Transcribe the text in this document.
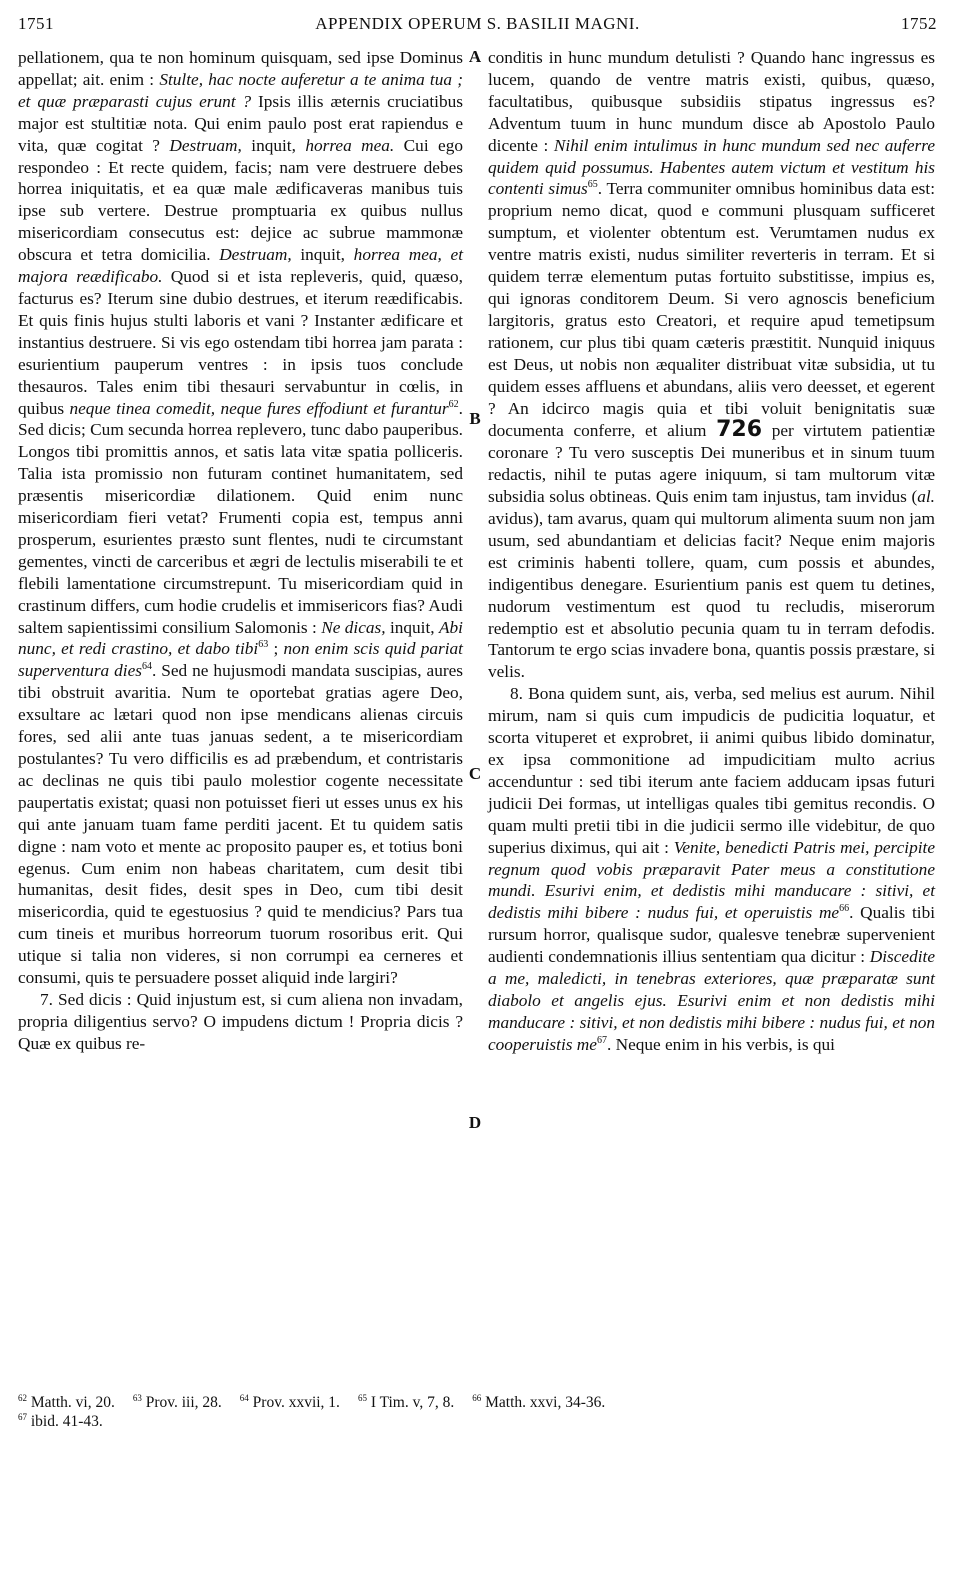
1751	APPENDIX OPERUM S. BASILII MAGNI.	1752

pellationem, qua te non hominum quisquam, sed ipse Dominus appellat; ait. enim : Stulte, hac nocte auferetur a te anima tua ; et quæ præparasti cujus erunt ? Ipsis illis æternis cruciatibus major est stultitiæ nota. Qui enim paulo post erat rapiendus e vita, quæ cogitat ? Destruam, inquit, horrea mea. Cui ego respondeo : Et recte quidem, facis; nam vere destruere debes horrea iniquitatis, et ea quæ male ædificaveras manibus tuis ipse sub vertere. Destrue promptuaria ex quibus nullus misericordiam consecutus est: dejice ac subrue mammonæ obscura et tetra domicilia. Destruam, inquit, horrea mea, et majora reædificabo. Quod si et ista repleveris, quid, quæso, facturus es? Iterum sine dubio destrues, et iterum reædificabis. Et quis finis hujus stulti laboris et vani ? Instanter ædificare et instantius destruere. Si vis ego ostendam tibi horrea jam parata : esurientium pauperum ventres : in ipsis tuos conclude thesauros. Tales enim tibi thesauri servabuntur in cœlis, in quibus neque tinea comedit, neque fures effodiunt et furantur$^{62}$. Sed dicis; Cum secunda horrea replevero, tunc dabo pauperibus. Longos tibi promittis annos, et satis lata vitæ spatia polliceris. Talia ista promissio non futuram continet humanitatem, sed præsentis misericordiæ dilationem. Quid enim nunc misericordiam fieri vetat? Frumenti copia est, tempus anni prosperum, esurientes præsto sunt flentes, nudi te circumstant gementes, vincti de carceribus et ægri de lectulis miserabili te et flebili lamentatione circumstrepunt. Tu misericordiam quid in crastinum differs, cum hodie crudelis et immisericors fias? Audi saltem sapientissimi consilium Salomonis : Ne dicas, inquit, Abi nunc, et redi crastino, et dabo tibi$^{63}$ ; non enim scis quid pariat superventura dies$^{64}$. Sed ne hujusmodi mandata suscipias, aures tibi obstruit avaritia. Num te oportebat gratias agere Deo, exsultare ac lætari quod non ipse mendicans alienas circuis fores, sed alii ante tuas januas sedent, a te misericordiam postulantes? Tu vero difficilis es ad præbendum, et contristaris ac declinas ne quis tibi paulo molestior cogente necessitate paupertatis existat; quasi non potuisset fieri ut esses unus ex his qui ante januam tuam fame perditi jacent. Et tu quidem satis digne : nam voto et mente ac proposito pauper es, et totius boni egenus. Cum enim non habeas charitatem, cum desit tibi humanitas, desit fides, desit spes in Deo, cum tibi desit misericordia, quid te egestuosius ? quid te mendicius? Pars tua cum tineis et muribus horreorum tuorum rosoribus erit. Qui utique si talia non videres, si non corrumpi ea cerneres et consumi, quis te persuadere posset aliquid inde largiri?

7. Sed dicis : Quid injustum est, si cum aliena non invadam, propria diligentius servo? O impudens dictum ! Propria dicis ? Quæ ex quibus re-

conditis in hunc mundum detulisti ? Quando hanc ingressus es lucem, quando de ventre matris existi, quibus, quæso, facultatibus, quibusque subsidiis stipatus ingressus es? Adventum tuum in hunc mundum disce ab Apostolo Paulo dicente : Nihil enim intulimus in hunc mundum sed nec auferre quidem quid possumus. Habentes autem victum et vestitum his contenti simus$^{65}$. Terra communiter omnibus hominibus data est: proprium nemo dicat, quod e communi plusquam sufficeret sumptum, et violenter obtentum est. Verumtamen nudus ex ventre matris existi, nudus similiter reverteris in terram. Et si quidem terræ elementum putas fortuito substitisse, impius es, qui ignoras conditorem Deum. Si vero agnoscis beneficium largitoris, gratus esto Creatori, et require apud temetipsum rationem, cur plus tibi quam cæteris præstitit. Nunquid iniquus est Deus, ut nobis non æqualiter distribuat vitæ subsidia, ut tu quidem esses affluens et abundans, aliis vero deesset, et egerent ? An idcirco magis quia et tibi voluit benignitatis suæ documenta conferre, et alium 726 per virtutem patientiæ coronare ? Tu vero susceptis Dei muneribus et in sinum tuum redactis, nihil te putas agere iniquum, si tam multorum vitæ subsidia solus obtineas. Quis enim tam injustus, tam invidus (al. avidus), tam avarus, quam qui multorum alimenta suum non jam usum, sed abundantiam et delicias facit? Neque enim majoris est criminis habenti tollere, quam, cum possis et abundes, indigentibus denegare. Esurientium panis est quem tu detines, nudorum vestimentum est quod tu recludis, miserorum redemptio est et absolutio pecunia quam tu in terram defodis. Tantorum te ergo scias invadere bona, quantis possis præstare, si velis.

8. Bona quidem sunt, ais, verba, sed melius est aurum. Nihil mirum, nam si quis cum impudicis de pudicitia loquatur, et scorta vituperet et exprobret, ii animi quibus libido dominatur, ex ipsa commonitione ad impudicitiam multo acrius accenduntur : sed tibi iterum ante faciem adducam ipsas futuri judicii Dei formas, ut intelligas quales tibi gemitus recondis. O quam multi pretii tibi in die judicii sermo ille videbitur, de quo superius diximus, qui ait : Venite, benedicti Patris mei, percipite regnum quod vobis præparavit Pater meus a constitutione mundi. Esurivi enim, et dedistis mihi manducare : sitivi, et dedistis mihi bibere : nudus fui, et operuistis $me^{66}$. Qualis tibi rursum horror, qualisque sudor, qualesve tenebræ supervenient audienti condemnationis illius sententiam qua dicitur : Discedite a me, maledicti, in tenebras exteriores, quæ præparatæ sunt diabolo et angelis ejus. Esurivi enim et non dedistis mihi manducare : sitivi, et non dedistis mihi bibere : nudus fui, et non cooperuistis $me^{67}$. Neque enim in his verbis, is qui

A
B
C
D
$^{62}$ Matth. vi, 20. $^{63}$ Prov. iii, 28. $^{64}$ Prov. xxvii, 1. $^{65}$ I Tim. v, 7, 8. $^{66}$ Matth. xxvi, 34-36.
$^{67}$ ibid. 41-43.
